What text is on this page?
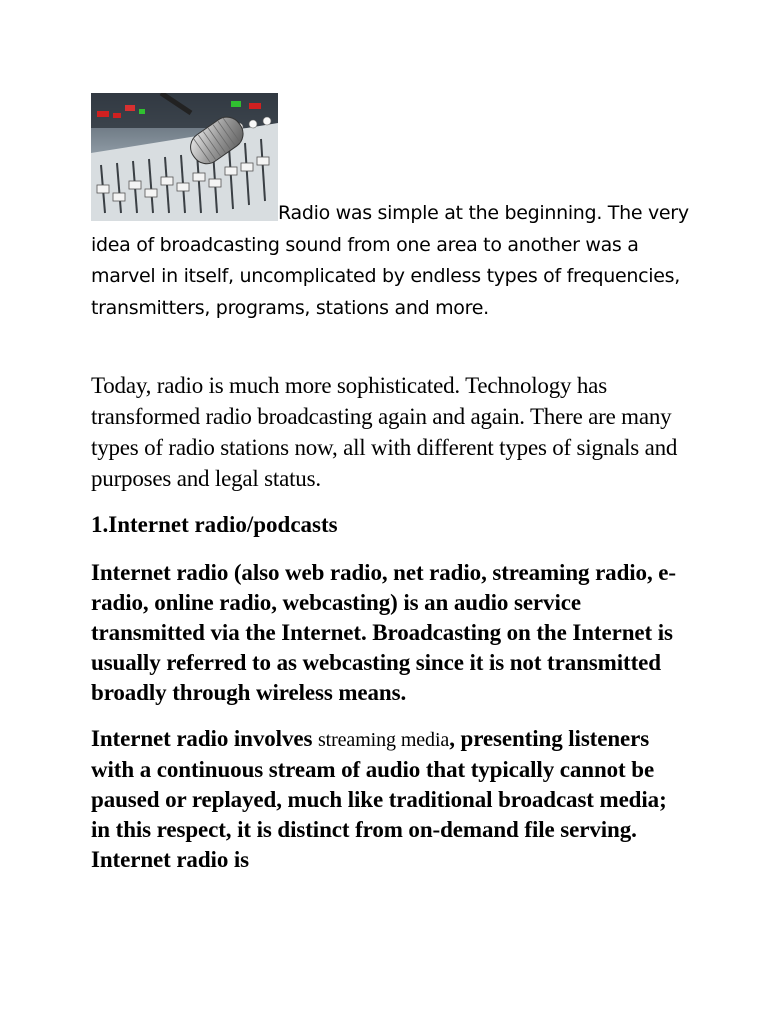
Radio was simple at the beginning. The very idea of broadcasting sound from one area to another was a marvel in itself, uncomplicated by endless types of frequencies, transmitters, programs, stations and more.

Today, radio is much more sophisticated. Technology has transformed radio broadcasting again and again. There are many types of radio stations now, all with different types of signals and purposes and legal status.

1.Internet radio/podcasts

Internet radio (also web radio, net radio, streaming radio, e-radio, online radio, webcasting) is an audio service transmitted via the Internet. Broadcasting on the Internet is usually referred to as webcasting since it is not transmitted broadly through wireless means.

Internet radio involves streaming media, presenting listeners with a continuous stream of audio that typically cannot be paused or replayed, much like traditional broadcast media; in this respect, it is distinct from on-demand file serving. Internet radio is
